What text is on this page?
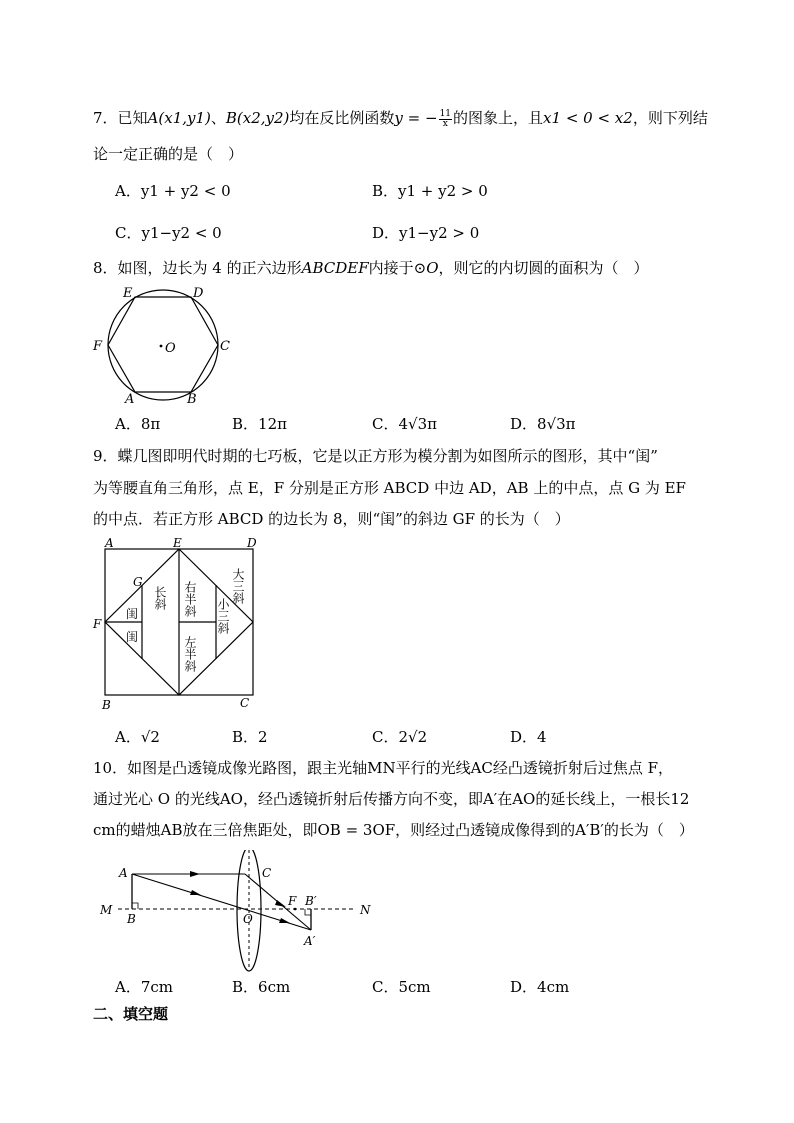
7．已知A(x1,y1)、B(x2,y2)均在反比例函数y = − $\frac{11}{x}$ 的图象上，且x1 < 0 < x2，则下列结
论一定正确的是（　）
A．y1 + y2 < 0	B．y1 + y2 > 0
C．y1−y2 < 0	D．y1−y2 > 0
8．如图，边长为 4 的正六边形ABCDEF内接于⊙O，则它的内切圆的面积为（　）
E	D
F	C
O
A	B
A．8π	B．12π	C．4√3π	D．8√3π
9．蝶几图即明代时期的七巧板，它是以正方形为模分割为如图所示的图形，其中“闺”
为等腰直角三角形，点 E，F 分别是正方形 ABCD 中边 AD，AB 上的中点，点 G 为 EF
的中点．若正方形 ABCD 的边长为 8，则“闺”的斜边 GF 的长为（　）
A	E	D
G
F
B	C
大三斜
长斜 右半斜 小三斜
左半斜
闺
闺
A．√2	B．2	C．2√2	D．4
10．如图是凸透镜成像光路图，跟主光轴MN平行的光线AC经凸透镜折射后过焦点 F，
通过光心 O 的光线AO，经凸透镜折射后传播方向不变，即A′在AO的延长线上，一根长12
cm的蜡烛AB放在三倍焦距处，即OB = 3OF，则经过凸透镜成像得到的A′B′的长为（　）
A	C
M
B	O
F B′
N
A′
A．7cm	B．6cm	C．5cm	D．4cm
二、填空题
